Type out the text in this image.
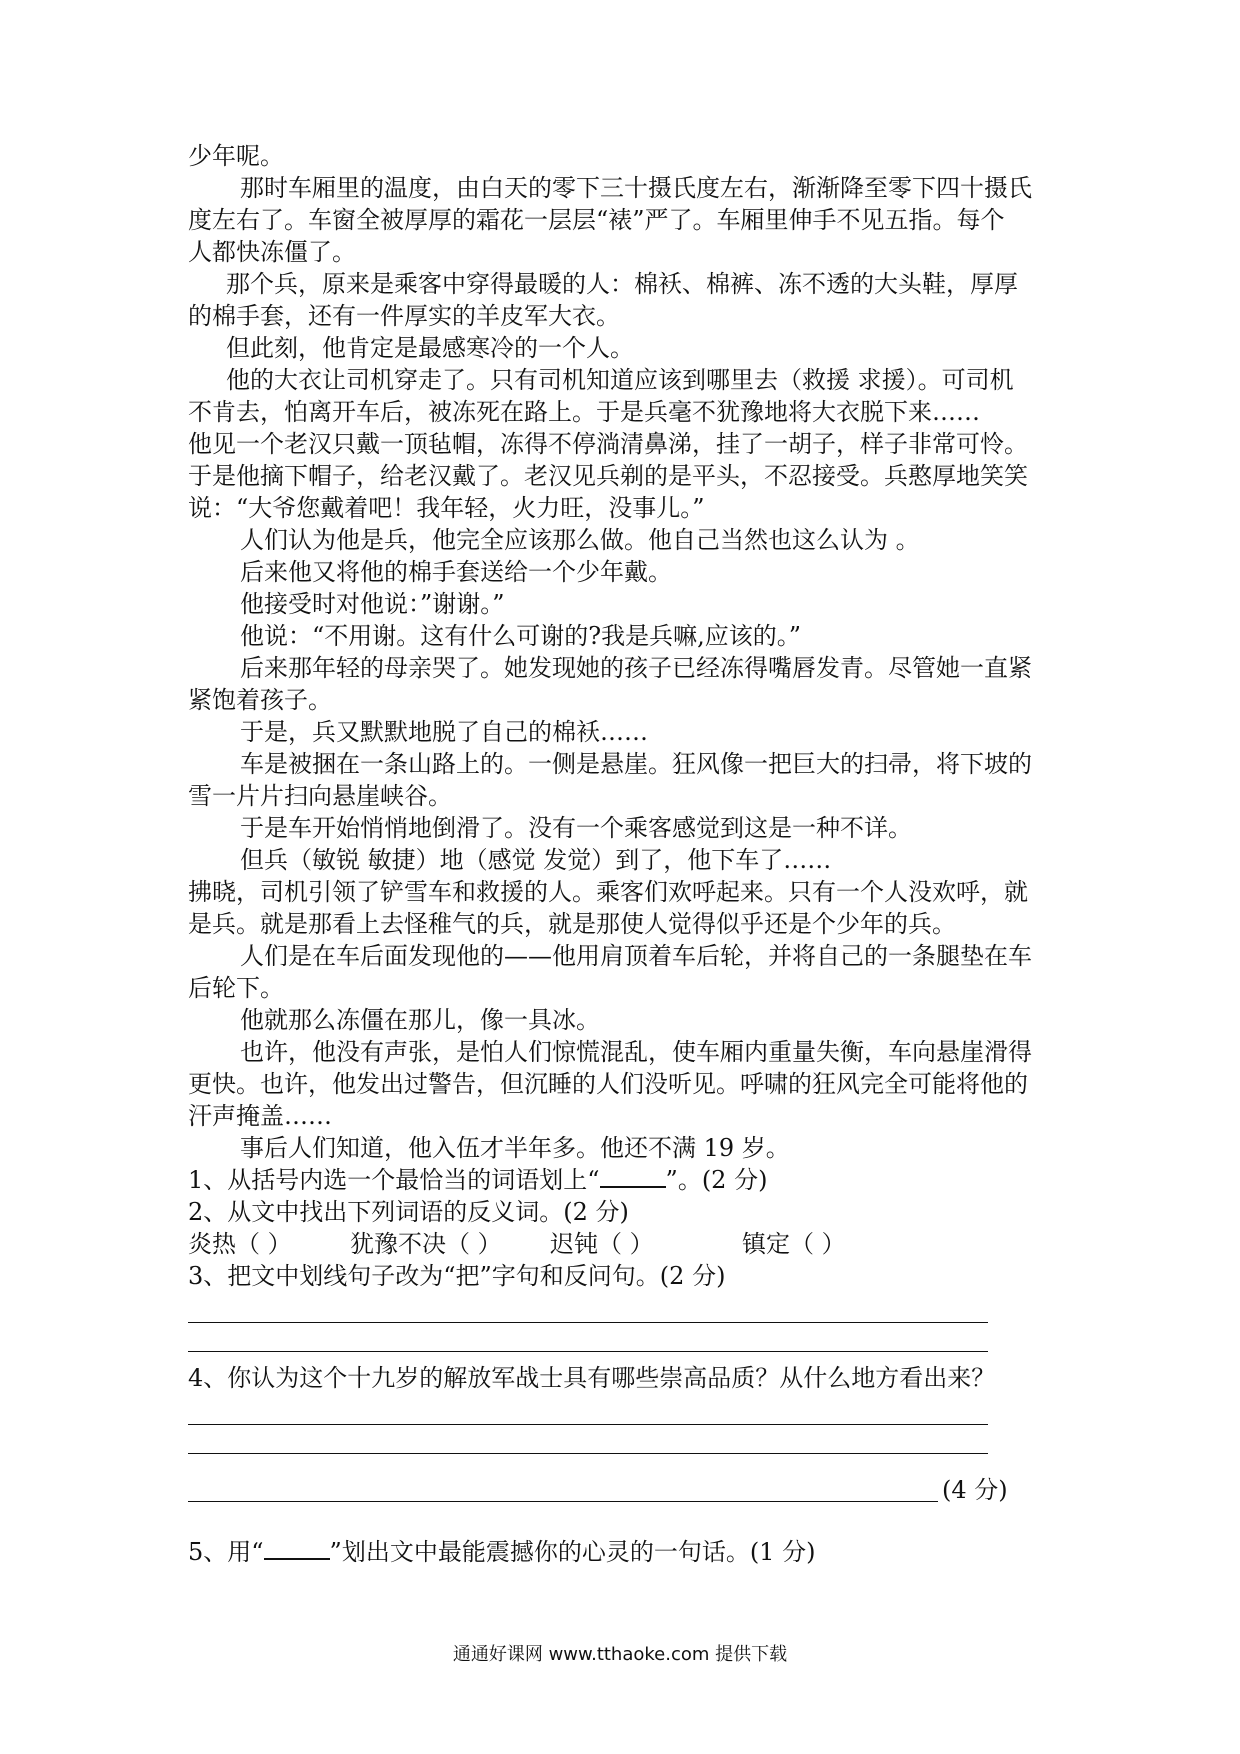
少年呢。
那时车厢里的温度，由白天的零下三十摄氏度左右，渐渐降至零下四十摄氏
度左右了。车窗全被厚厚的霜花一层层“裱”严了。车厢里伸手不见五指。每个
人都快冻僵了。
那个兵，原来是乘客中穿得最暖的人：棉袄、棉裤、冻不透的大头鞋，厚厚
的棉手套，还有一件厚实的羊皮军大衣。
但此刻，他肯定是最感寒冷的一个人。
他的大衣让司机穿走了。只有司机知道应该到哪里去（救援 求援）。可司机
不肯去，怕离开车后，被冻死在路上。于是兵毫不犹豫地将大衣脱下来……
他见一个老汉只戴一顶毡帽，冻得不停淌清鼻涕，挂了一胡子，样子非常可怜。
于是他摘下帽子，给老汉戴了。老汉见兵剃的是平头，不忍接受。兵憨厚地笑笑
说：“大爷您戴着吧！我年轻，火力旺，没事儿。”
人们认为他是兵，他完全应该那么做。他自己当然也这么认为 。
后来他又将他的棉手套送给一个少年戴。
他接受时对他说：”谢谢。”
他说：“不用谢。这有什么可谢的?我是兵嘛,应该的。”
后来那年轻的母亲哭了。她发现她的孩子已经冻得嘴唇发青。尽管她一直紧
紧饱着孩子。
于是，兵又默默地脱了自己的棉袄……
车是被捆在一条山路上的。一侧是悬崖。狂风像一把巨大的扫帚，将下坡的
雪一片片扫向悬崖峡谷。
于是车开始悄悄地倒滑了。没有一个乘客感觉到这是一种不详。
但兵（敏锐 敏捷）地（感觉 发觉）到了，他下车了……
拂晓，司机引领了铲雪车和救援的人。乘客们欢呼起来。只有一个人没欢呼，就
是兵。就是那看上去怪稚气的兵，就是那使人觉得似乎还是个少年的兵。
人们是在车后面发现他的——他用肩顶着车后轮，并将自己的一条腿垫在车
后轮下。
他就那么冻僵在那儿，像一具冰。
也许，他没有声张，是怕人们惊慌混乱，使车厢内重量失衡，车向悬崖滑得
更快。也许，他发出过警告，但沉睡的人们没听见。呼啸的狂风完全可能将他的
汗声掩盖……
事后人们知道，他入伍才半年多。他还不满 19 岁。
1、从括号内选一个最恰当的词语划上“	”。(2 分)
2、从文中找出下列词语的反义词。(2 分)
炎热（ ）	犹豫不决（ ）	迟钝（ ）	镇定（ ）
3、把文中划线句子改为“把”字句和反问句。(2 分)
4、你认为这个十九岁的解放军战士具有哪些崇高品质？从什么地方看出来？
(4 分)
5、用“	”划出文中最能震撼你的心灵的一句话。(1 分)
通通好课网 www.tthaoke.com 提供下载
